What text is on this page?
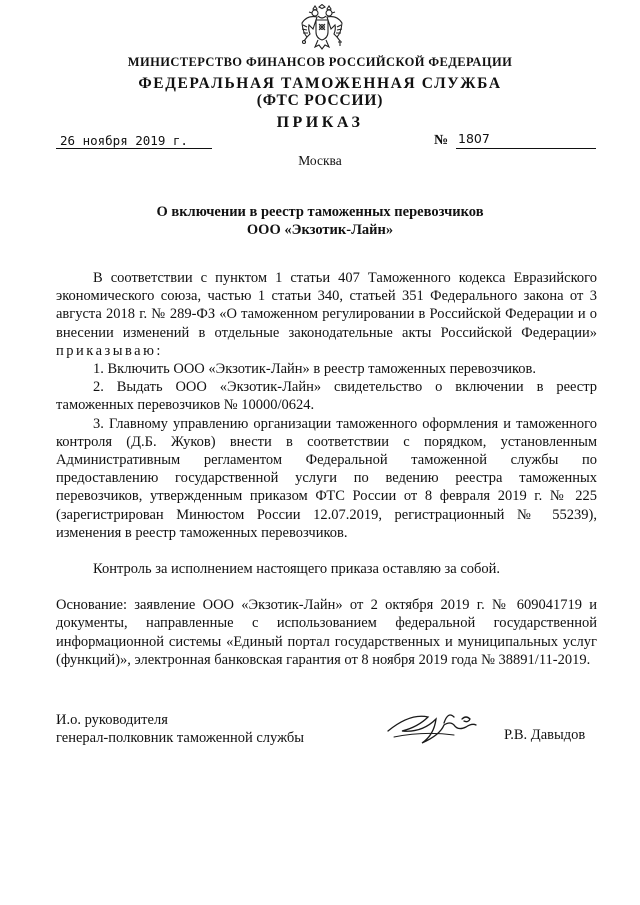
МИНИСТЕРСТВО ФИНАНСОВ РОССИЙСКОЙ ФЕДЕРАЦИИ
ФЕДЕРАЛЬНАЯ ТАМОЖЕННАЯ СЛУЖБА
(ФТС РОССИИ)
ПРИКАЗ
26 ноября 2019 г.	№ 1807
Москва
О включении в реестр таможенных перевозчиков
ООО «Экзотик-Лайн»

В соответствии с пунктом 1 статьи 407 Таможенного кодекса Евразийского экономического союза, частью 1 статьи 340, статьей 351 Федерального закона от 3 августа 2018 г. № 289-ФЗ «О таможенном регулировании в Российской Федерации и о внесении изменений в отдельные законодательные акты Российской Федерации» приказываю:

1. Включить ООО «Экзотик-Лайн» в реестр таможенных перевозчиков.

2. Выдать ООО «Экзотик-Лайн» свидетельство о включении в реестр таможенных перевозчиков № 10000/0624.

3. Главному управлению организации таможенного оформления и таможенного контроля (Д.Б. Жуков) внести в соответствии с порядком, установленным Административным регламентом Федеральной таможенной службы по предоставлению государственной услуги по ведению реестра таможенных перевозчиков, утвержденным приказом ФТС России от 8 февраля 2019 г. № 225 (зарегистрирован Минюстом России 12.07.2019, регистрационный № 55239), изменения в реестр таможенных перевозчиков.

Контроль за исполнением настоящего приказа оставляю за собой.

Основание: заявление ООО «Экзотик-Лайн» от 2 октября 2019 г. № 609041719 и документы, направленные с использованием федеральной государственной информационной системы «Единый портал государственных и муниципальных услуг (функций)», электронная банковская гарантия от 8 ноября 2019 года № 38891/11-2019.

И.о. руководителя
генерал-полковник таможенной службы	Р.В. Давыдов
